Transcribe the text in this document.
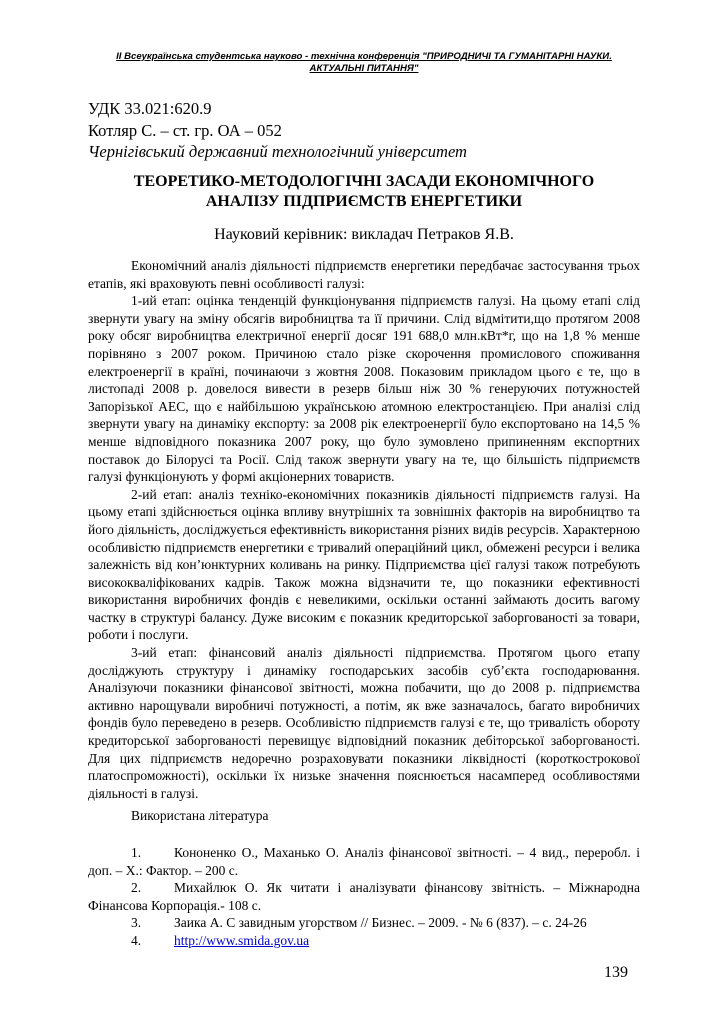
II Всеукраїнська студентська науково - технічна конференція "ПРИРОДНИЧІ ТА ГУМАНІТАРНІ НАУКИ.
АКТУАЛЬНІ ПИТАННЯ"
УДК 33.021:620.9
Котляр С. – ст. гр. ОА – 052
Чернігівський державний технологічний університет
ТЕОРЕТИКО-МЕТОДОЛОГІЧНІ ЗАСАДИ ЕКОНОМІЧНОГО
АНАЛІЗУ ПІДПРИЄМСТВ ЕНЕРГЕТИКИ
Науковий керівник: викладач Петраков Я.В.

Економічний аналіз діяльності підприємств енергетики передбачає застосування трьох етапів, які враховують певні особливості галузі:

1-ий етап: оцінка тенденцій функціонування підприємств галузі. На цьому етапі слід звернути увагу на зміну обсягів виробництва та її причини. Слід відмітити,що протягом 2008 року обсяг виробництва електричної енергії досяг 191 688,0 млн.кВт*г, що на 1,8 % менше порівняно з 2007 роком. Причиною стало різке скорочення промислового споживання електроенергії в країні, починаючи з жовтня 2008. Показовим прикладом цього є те, що в листопаді 2008 р. довелося вивести в резерв більш ніж 30 % генеруючих потужностей Запорізької АЕС, що є найбільшою українською атомною електростанцією. При аналізі слід звернути увагу на динаміку експорту: за 2008 рік електроенергії було експортовано на 14,5 % менше відповідного показника 2007 року, що було зумовлено припиненням експортних поставок до Білорусі та Росії. Слід також звернути увагу на те, що більшість підприємств галузі функціонують у формі акціонерних товариств.

2-ий етап: аналіз техніко-економічних показників діяльності підприємств галузі. На цьому етапі здійснюється оцінка впливу внутрішніх та зовнішніх факторів на виробництво та його діяльність, досліджується ефективність використання різних видів ресурсів. Характерною особливістю підприємств енергетики є тривалий операційний цикл, обмежені ресурси і велика залежність від кон’юнктурних коливань на ринку. Підприємства цієї галузі також потребують висококваліфікованих кадрів. Також можна відзначити те, що показники ефективності використання виробничих фондів є невеликими, оскільки останні займають досить вагому частку в структурі балансу. Дуже високим є показник кредиторської заборгованості за товари, роботи і послуги.

3-ий етап: фінансовий аналіз діяльності підприємства. Протягом цього етапу досліджують структуру і динаміку господарських засобів суб’єкта господарювання. Аналізуючи показники фінансової звітності, можна побачити, що до 2008 р. підприємства активно нарощували виробничі потужності, а потім, як вже зазначалось, багато виробничих фондів було переведено в резерв. Особливістю підприємств галузі є те, що тривалість обороту кредиторської заборгованості перевищує відповідний показник дебіторської заборгованості. Для цих підприємств недоречно розраховувати показники ліквідності (короткострокової платоспроможності), оскільки їх низьке значення пояснюється насамперед особливостями діяльності в галузі.

Використана література
1. Кононенко О., Маханько О. Аналіз фінансової звітності. – 4 вид., переробл. і доп. – Х.: Фактор. – 200 с.
2. Михайлюк О. Як читати і аналізувати фінансову звітність. – Міжнародна Фінансова Корпорація.- 108 с.
3. Заика А. С завидным угорством // Бизнес. – 2009. - № 6 (837). – с. 24-26
4. http://www.smida.gov.ua
139
